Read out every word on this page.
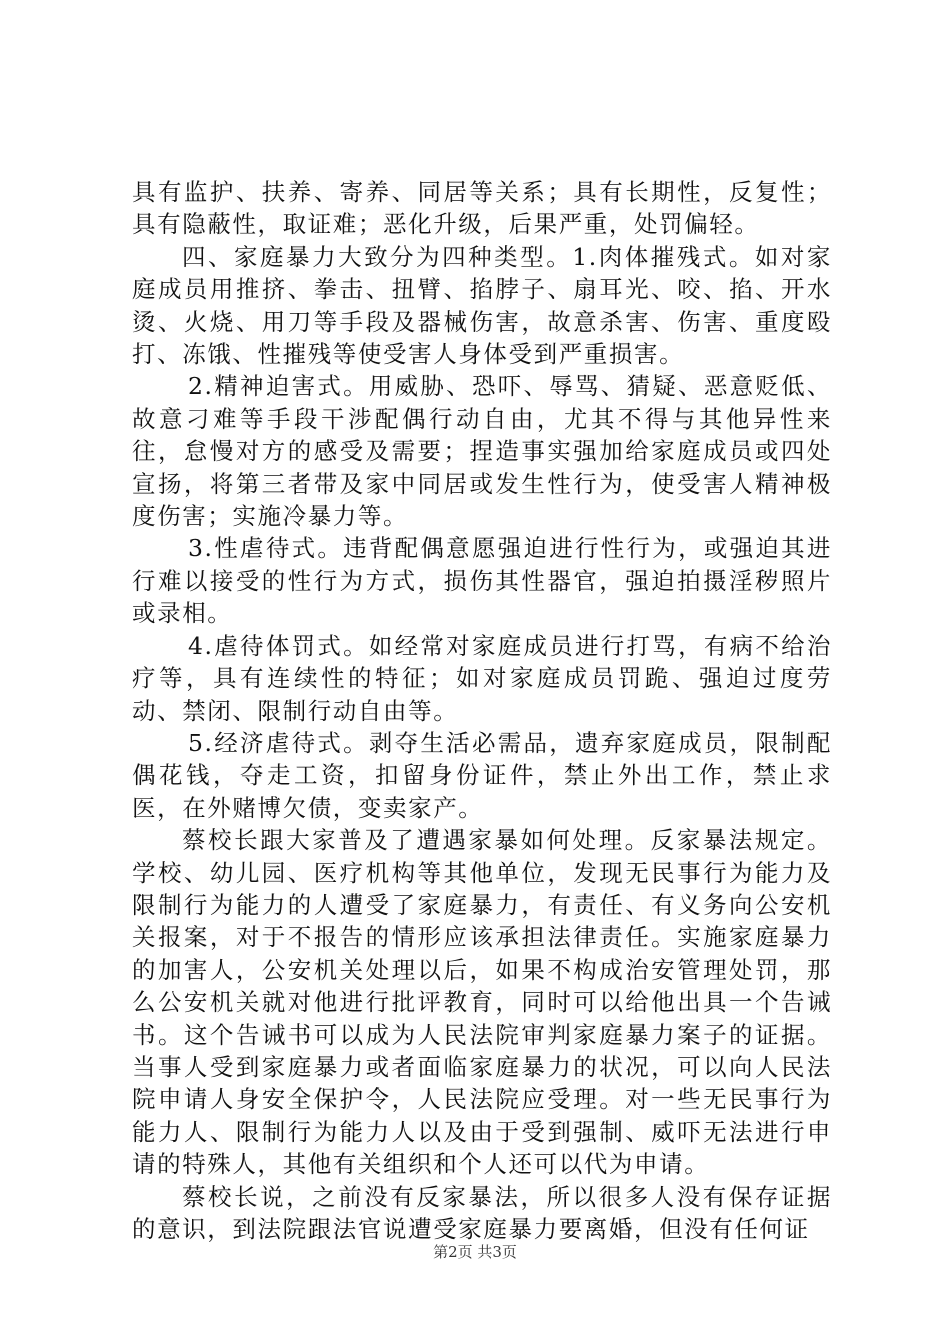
具有监护、扶养、寄养、同居等关系；具有长期性，反复性；具有隐蔽性，取证难；恶化升级，后果严重，处罚偏轻。

四、家庭暴力大致分为四种类型。1.肉体摧残式。如对家庭成员用推挤、拳击、扭臂、掐脖子、扇耳光、咬、掐、开水烫、火烧、用刀等手段及器械伤害，故意杀害、伤害、重度殴打、冻饿、性摧残等使受害人身体受到严重损害。

2.精神迫害式。用威胁、恐吓、辱骂、猜疑、恶意贬低、故意刁难等手段干涉配偶行动自由，尤其不得与其他异性来往，怠慢对方的感受及需要；捏造事实强加给家庭成员或四处宣扬，将第三者带及家中同居或发生性行为，使受害人精神极度伤害；实施冷暴力等。

3.性虐待式。违背配偶意愿强迫进行性行为，或强迫其进行难以接受的性行为方式，损伤其性器官，强迫拍摄淫秽照片或录相。

4.虐待体罚式。如经常对家庭成员进行打骂，有病不给治疗等，具有连续性的特征；如对家庭成员罚跪、强迫过度劳动、禁闭、限制行动自由等。

5.经济虐待式。剥夺生活必需品，遗弃家庭成员，限制配偶花钱，夺走工资，扣留身份证件，禁止外出工作，禁止求医，在外赌博欠债，变卖家产。

蔡校长跟大家普及了遭遇家暴如何处理。反家暴法规定。学校、幼儿园、医疗机构等其他单位，发现无民事行为能力及限制行为能力的人遭受了家庭暴力，有责任、有义务向公安机关报案，对于不报告的情形应该承担法律责任。实施家庭暴力的加害人，公安机关处理以后，如果不构成治安管理处罚，那么公安机关就对他进行批评教育，同时可以给他出具一个告诫书。这个告诫书可以成为人民法院审判家庭暴力案子的证据。当事人受到家庭暴力或者面临家庭暴力的状况，可以向人民法院申请人身安全保护令，人民法院应受理。对一些无民事行为能力人、限制行为能力人以及由于受到强制、威吓无法进行申请的特殊人，其他有关组织和个人还可以代为申请。

蔡校长说，之前没有反家暴法，所以很多人没有保存证据的意识，到法院跟法官说遭受家庭暴力要离婚，但没有任何证

第2页 共3页
